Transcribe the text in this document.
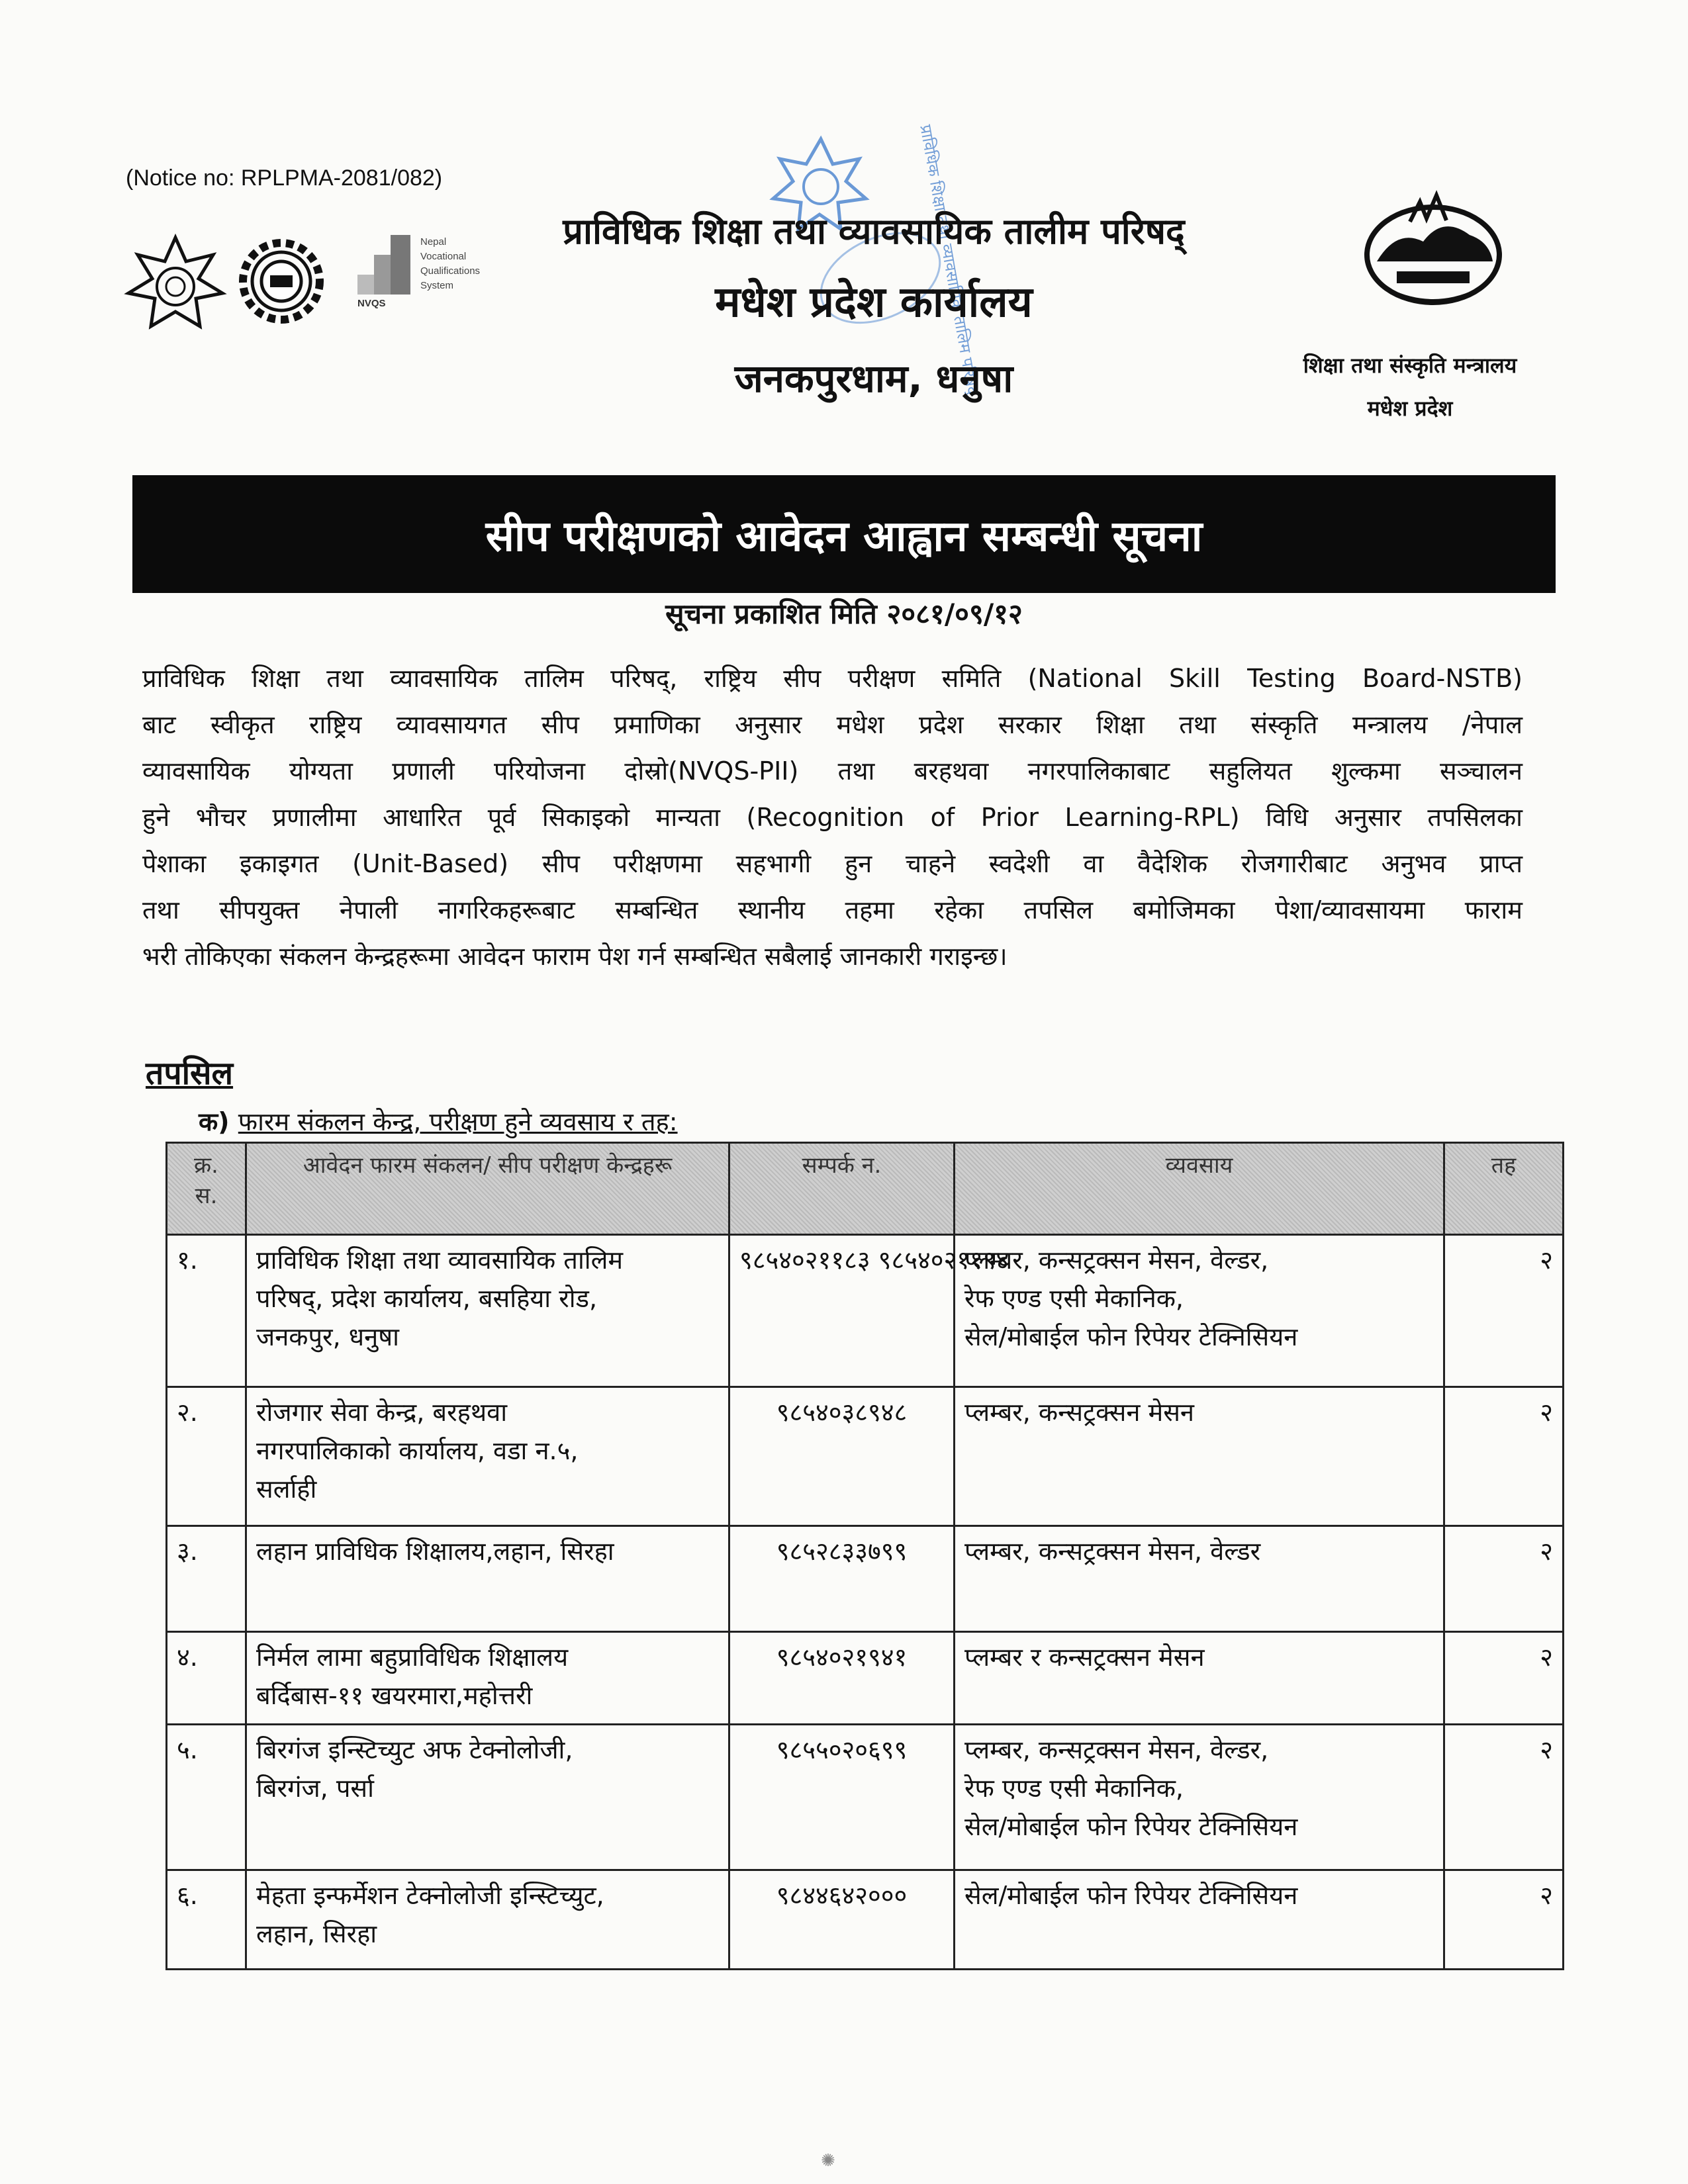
(Notice no: RPLPMA-2081/082)
Nepal
Vocational
Qualifications
System
NVQS	प्राविधिक शिक्षा तथा व्यावसायिक तालिम परिषद्
प्राविधिक शिक्षा तथा व्यावसायिक तालीम परिषद्
मधेश प्रदेश कार्यालय
जनकपुरधाम, धनुषा	शिक्षा तथा संस्कृति मन्त्रालय
मधेश प्रदेश
सीप परीक्षणको आवेदन आह्वान सम्बन्धी सूचना
सूचना प्रकाशित मिति २०८१/०९/१२
प्राविधिक शिक्षा तथा व्यावसायिक तालिम परिषद्, राष्ट्रिय सीप परीक्षण समिति (National Skill Testing Board-NSTB)
बाट स्वीकृत राष्ट्रिय व्यावसायगत सीप प्रमाणिका अनुसार मधेश प्रदेश सरकार शिक्षा तथा संस्कृति मन्त्रालय /नेपाल
व्यावसायिक योग्यता प्रणाली परियोजना दोस्रो(NVQS-PII) तथा बरहथवा नगरपालिकाबाट सहुलियत शुल्कमा सञ्चालन
हुने भौचर प्रणालीमा आधारित पूर्व सिकाइको मान्यता (Recognition of Prior Learning-RPL) विधि अनुसार तपसिलका
पेशाका इकाइगत (Unit-Based) सीप परीक्षणमा सहभागी हुन चाहने स्वदेशी वा वैदेशिक रोजगारीबाट अनुभव प्राप्त
तथा सीपयुक्त नेपाली नागरिकहरूबाट सम्बन्धित स्थानीय तहमा रहेका तपसिल बमोजिमका पेशा/व्यावसायमा फाराम
भरी तोकिएका संकलन केन्द्रहरूमा आवेदन फाराम पेश गर्न सम्बन्धित सबैलाई जानकारी गराइन्छ।
तपसिल
क) फारम संकलन केन्द्र, परीक्षण हुने व्यवसाय र तह:
क्र.
स.	आवेदन फारम संकलन/ सीप परीक्षण केन्द्रहरू	सम्पर्क न.	व्यवसाय	तह
१.	प्राविधिक शिक्षा तथा व्यावसायिक तालिम
परिषद्, प्रदेश कार्यालय, बसहिया रोड,
जनकपुर, धनुषा	९८५४०२११८३ ९८५४०२११९४	प्लम्बर, कन्सट्रक्सन मेसन, वेल्डर,
रेफ एण्ड एसी मेकानिक,
सेल/मोबाईल फोन रिपेयर टेक्निसियन	२
२.	रोजगार सेवा केन्द्र, बरहथवा
नगरपालिकाको कार्यालय, वडा न.५,
सर्लाही	९८५४०३८९४८	प्लम्बर, कन्सट्रक्सन मेसन	२
३.	लहान प्राविधिक शिक्षालय,लहान, सिरहा	९८५२८३३७९९	प्लम्बर, कन्सट्रक्सन मेसन, वेल्डर	२
४.	निर्मल लामा बहुप्राविधिक शिक्षालय
बर्दिबास-११ खयरमारा,महोत्तरी	९८५४०२१९४१	प्लम्बर र कन्सट्रक्सन मेसन	२
५.	बिरगंज इन्स्टिच्युट अफ टेक्नोलोजी,
बिरगंज, पर्सा	९८५५०२०६९९	प्लम्बर, कन्सट्रक्सन मेसन, वेल्डर,
रेफ एण्ड एसी मेकानिक,
सेल/मोबाईल फोन रिपेयर टेक्निसियन	२
६.	मेहता इन्फर्मेशन टेक्नोलोजी इन्स्टिच्युट,
लहान, सिरहा	९८४४६४२०००	सेल/मोबाईल फोन रिपेयर टेक्निसियन	२
✺
